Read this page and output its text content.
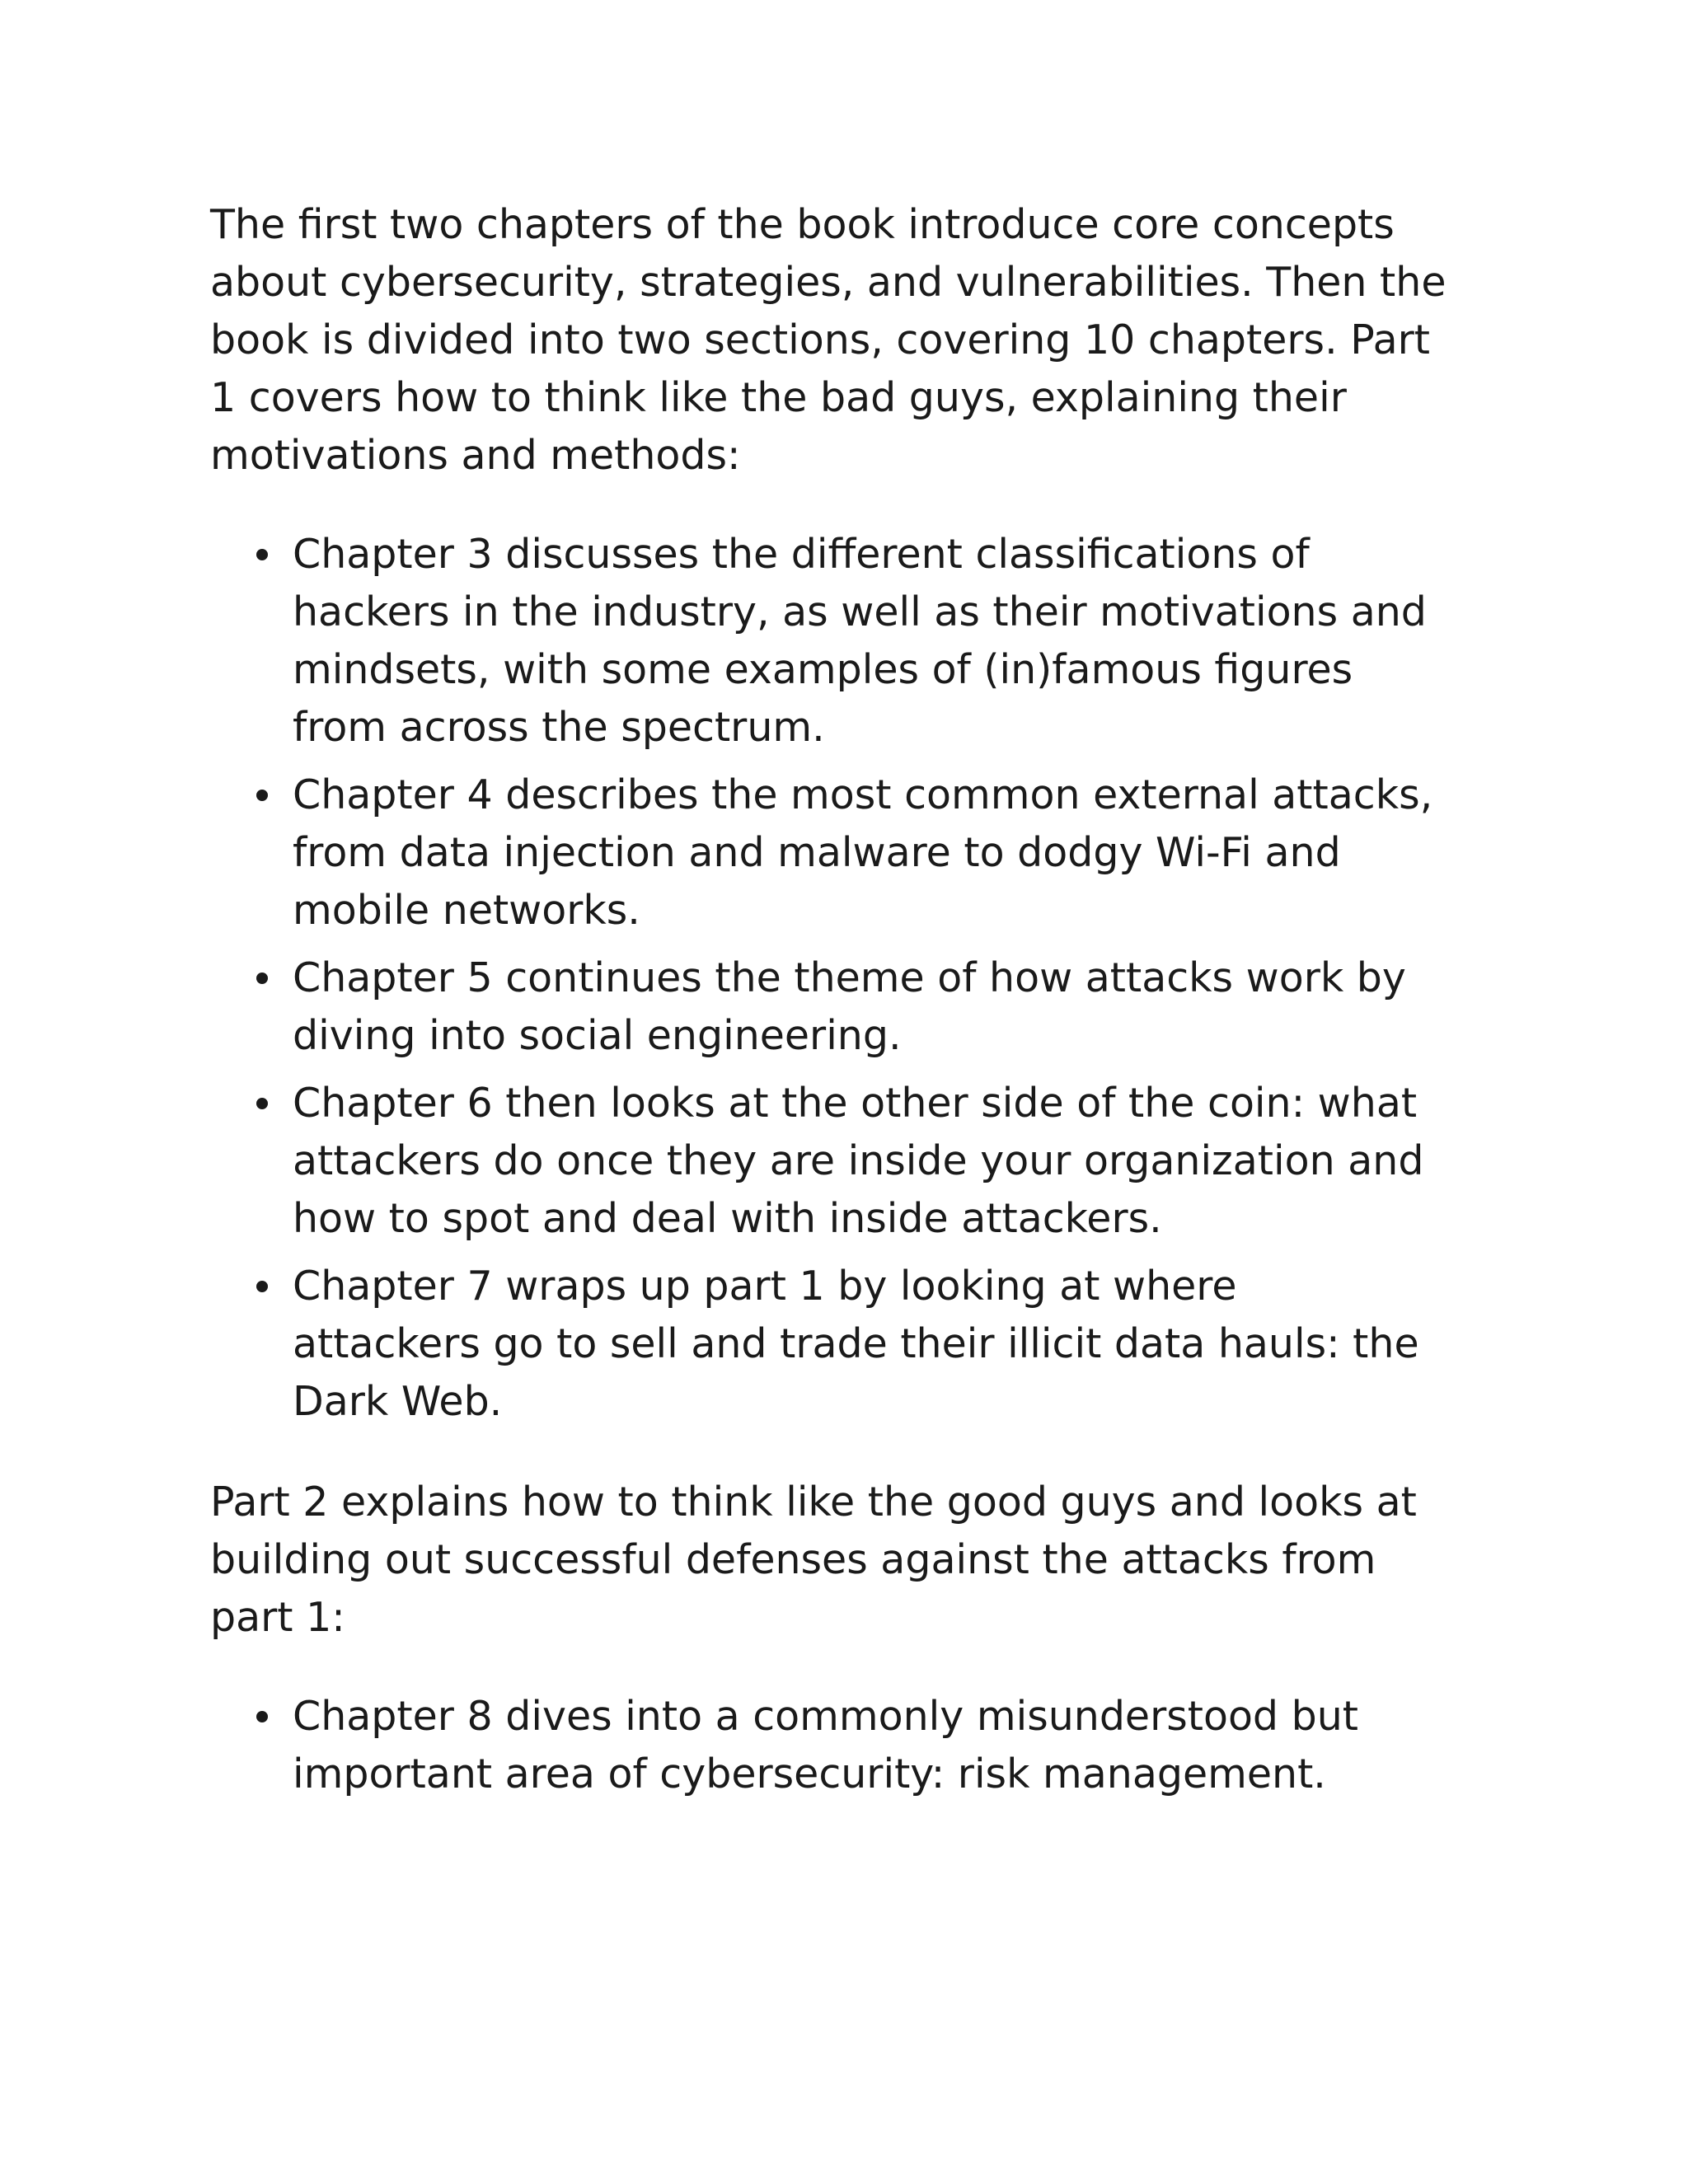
The first two chapters of the book introduce core concepts
about cybersecurity, strategies, and vulnerabilities. Then the
book is divided into two sections, covering 10 chapters. Part
1 covers how to think like the bad guys, explaining their
motivations and methods:

Chapter 3 discusses the different classifications of
hackers in the industry, as well as their motivations and
mindsets, with some examples of (in)famous figures
from across the spectrum.
Chapter 4 describes the most common external attacks,
from data injection and malware to dodgy Wi-Fi and
mobile networks.
Chapter 5 continues the theme of how attacks work by
diving into social engineering.
Chapter 6 then looks at the other side of the coin: what
attackers do once they are inside your organization and
how to spot and deal with inside attackers.
Chapter 7 wraps up part 1 by looking at where
attackers go to sell and trade their illicit data hauls: the
Dark Web.

Part 2 explains how to think like the good guys and looks at
building out successful defenses against the attacks from
part 1:

Chapter 8 dives into a commonly misunderstood but
important area of cybersecurity: risk management.
